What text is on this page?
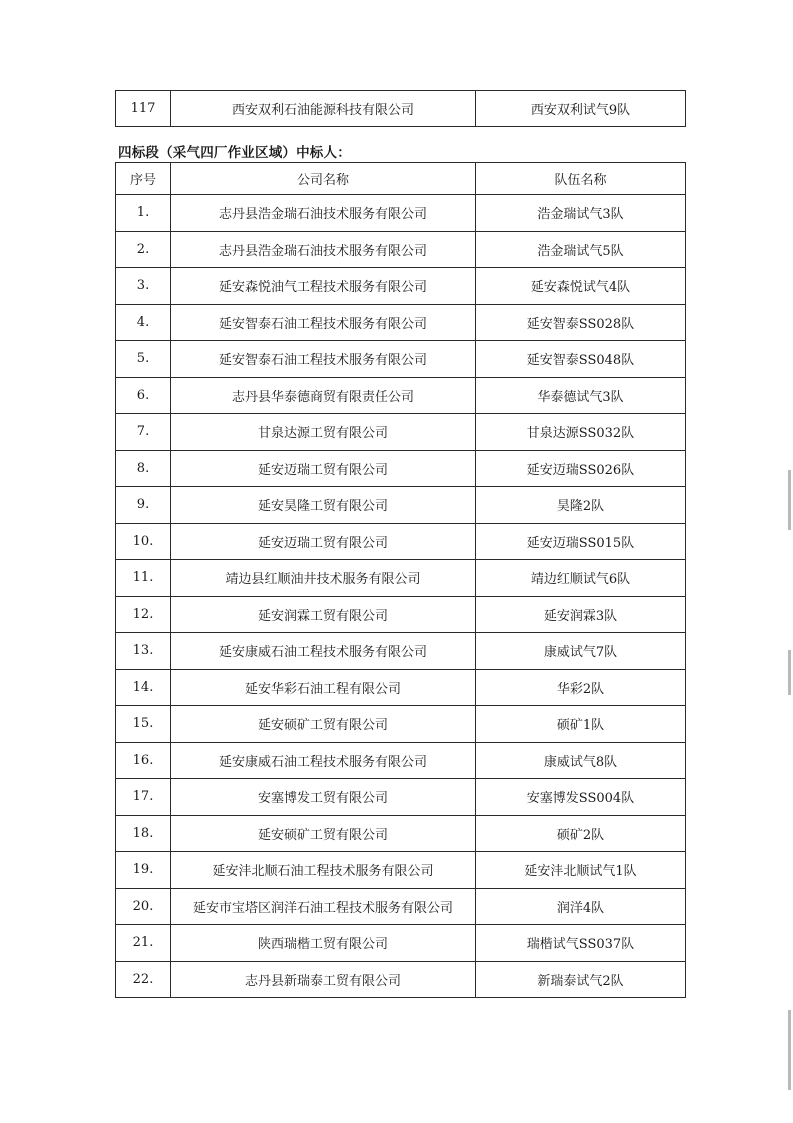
117	西安双利石油能源科技有限公司	西安双利试气9队
四标段（采气四厂作业区域）中标人：
序号	公司名称	队伍名称
1.	志丹县浩金瑞石油技术服务有限公司	浩金瑞试气3队
2.	志丹县浩金瑞石油技术服务有限公司	浩金瑞试气5队
3.	延安森悦油气工程技术服务有限公司	延安森悦试气4队
4.	延安智泰石油工程技术服务有限公司	延安智泰SS028队
5.	延安智泰石油工程技术服务有限公司	延安智泰SS048队
6.	志丹县华泰德商贸有限责任公司	华泰德试气3队
7.	甘泉达源工贸有限公司	甘泉达源SS032队
8.	延安迈瑞工贸有限公司	延安迈瑞SS026队
9.	延安昊隆工贸有限公司	昊隆2队
10.	延安迈瑞工贸有限公司	延安迈瑞SS015队
11.	靖边县红顺油井技术服务有限公司	靖边红顺试气6队
12.	延安润霖工贸有限公司	延安润霖3队
13.	延安康威石油工程技术服务有限公司	康威试气7队
14.	延安华彩石油工程有限公司	华彩2队
15.	延安硕矿工贸有限公司	硕矿1队
16.	延安康威石油工程技术服务有限公司	康威试气8队
17.	安塞博发工贸有限公司	安塞博发SS004队
18.	延安硕矿工贸有限公司	硕矿2队
19.	延安沣北顺石油工程技术服务有限公司	延安沣北顺试气1队
20.	延安市宝塔区润洋石油工程技术服务有限公司	润洋4队
21.	陕西瑞楷工贸有限公司	瑞楷试气SS037队
22.	志丹县新瑞泰工贸有限公司	新瑞泰试气2队
